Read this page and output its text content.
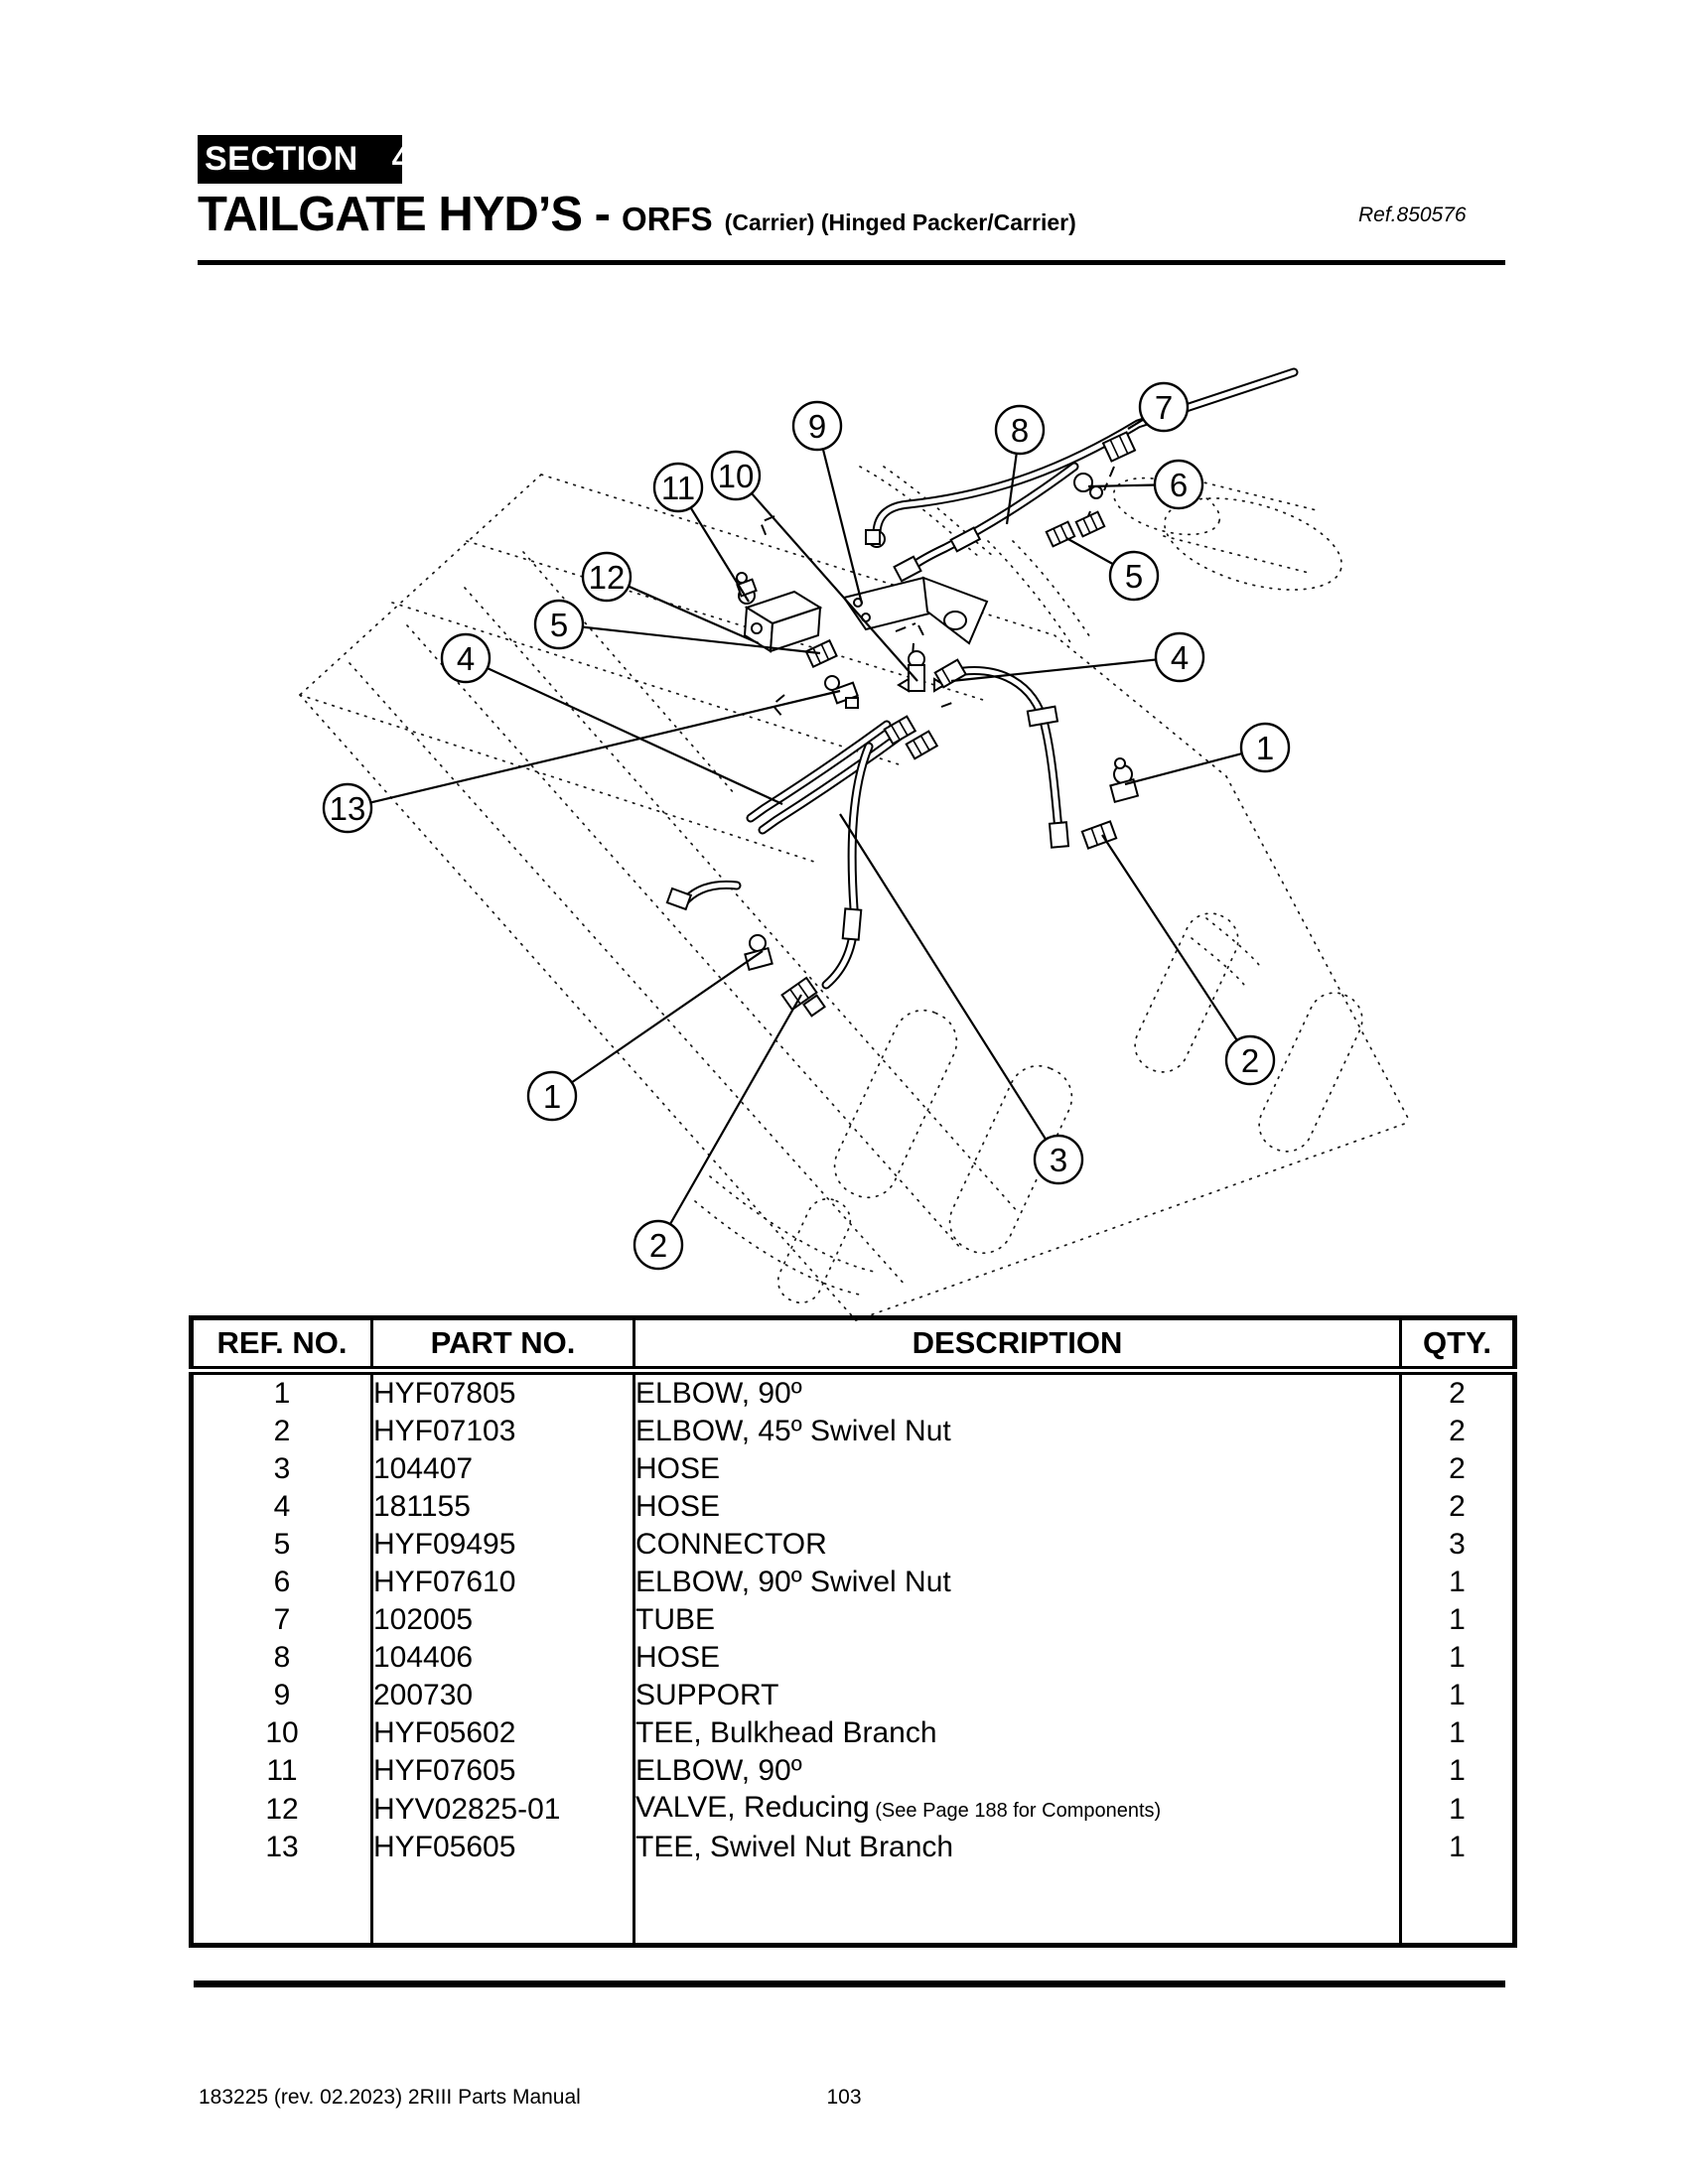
SECTION 4
TAILGATE HYD’S - ORFS (Carrier) (Hinged Packer/Carrier)	Ref.850576
7
8
9
6
10
11
5
12
5
4	4
1
13
2
1
3
2
REF. NO.	PART NO.	DESCRIPTION	QTY.
1	HYF07805	ELBOW, 90º	2
2	HYF07103	ELBOW, 45º Swivel Nut	2
3	104407	HOSE	2
4	181155	HOSE	2
5	HYF09495	CONNECTOR	3
6	HYF07610	ELBOW, 90º Swivel Nut	1
7	102005	TUBE	1
8	104406	HOSE	1
9	200730	SUPPORT	1
10	HYF05602	TEE, Bulkhead Branch	1
11	HYF07605	ELBOW, 90º	1
12	HYV02825-01	VALVE, Reducing (See Page 188 for Components)	1
13	HYF05605	TEE, Swivel Nut Branch	1

183225 (rev. 02.2023) 2RIII Parts Manual	103
